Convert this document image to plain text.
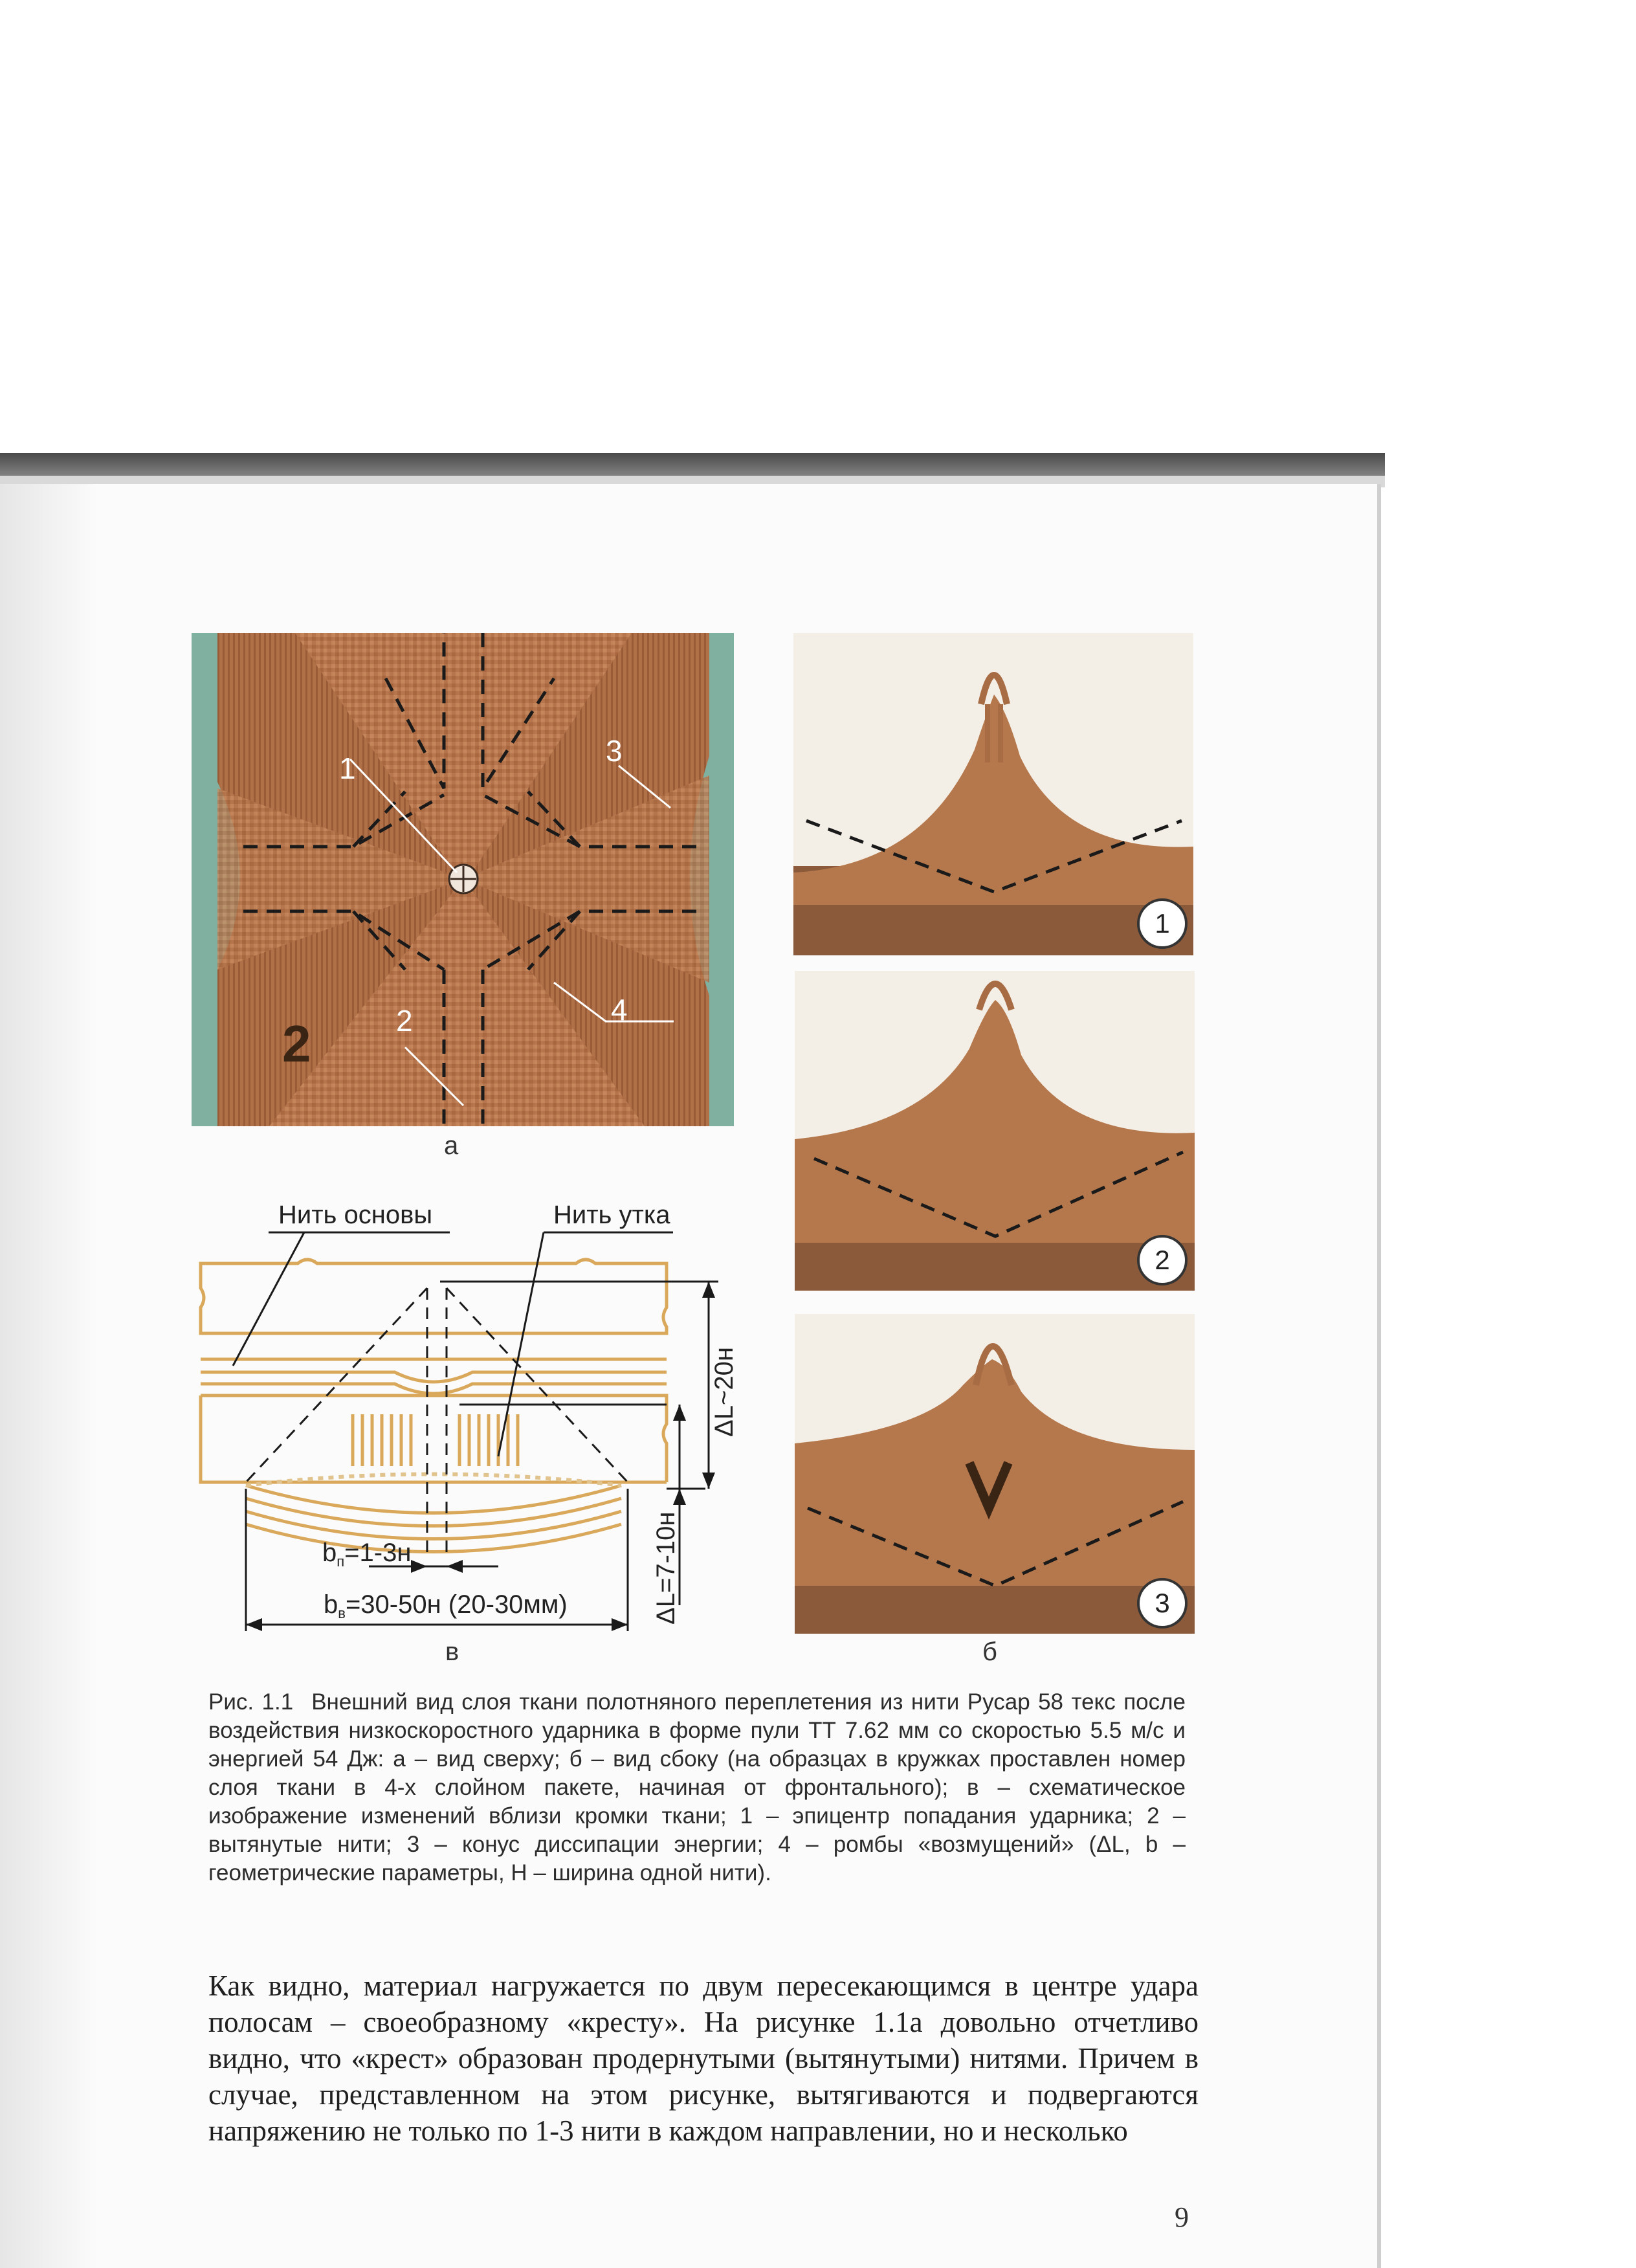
1
3
4
2
2
а
1
2
3
б
Нить основы	Нить утка
ΔL~20н
ΔL=7-10н
$b_п=1-3н$
$b_в=30-50н$ (20-30мм)
в
Рис. 1.1 Внешний вид слоя ткани полотняного переплетения из нити Русар 58 текс после воздействия низкоскоростного ударника в форме пули ТТ 7.62 мм со скоростью 5.5 м/с и энергией 54 Дж: а – вид сверху; б – вид сбоку (на образцах в кружках проставлен номер слоя ткани в 4-х слойном пакете, начиная от фронтального); в – схематическое изображение изменений вблизи кромки ткани; 1 – эпицентр попадания ударника; 2 – вытянутые нити; 3 – конус диссипации энергии; 4 – ромбы «возмущений» (ΔL, b – геометрические параметры, Н – ширина одной нити).
Как видно, материал нагружается по двум пересекающимся в центре удара полосам – своеобразному «кресту». На рисунке 1.1а довольно отчетливо видно, что «крест» образован продернутыми (вытянутыми) нитями. Причем в случае, представленном на этом рисунке, вытягиваются и подвергаются напряжению не только по 1-3 нити в каждом направлении, но и несколько
9
